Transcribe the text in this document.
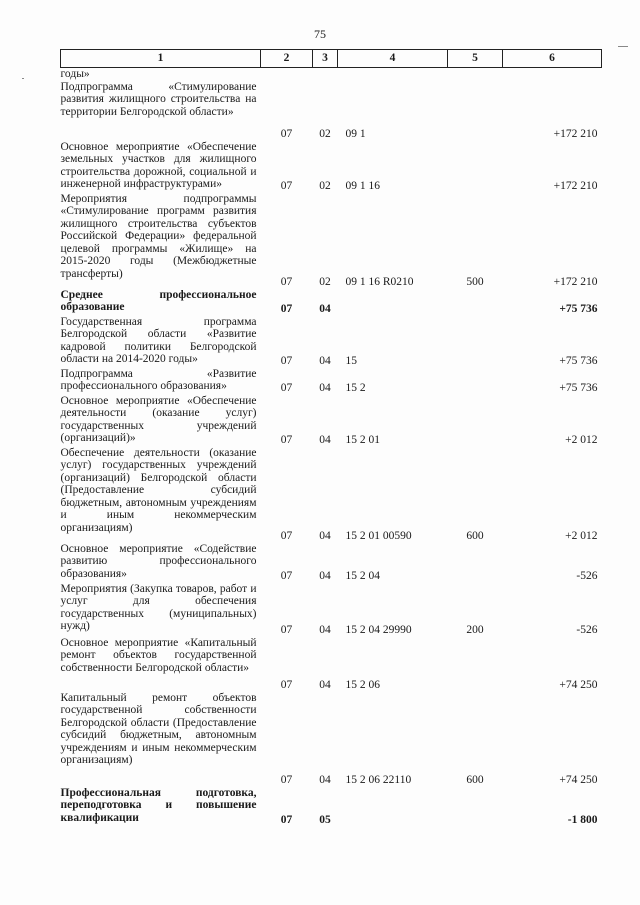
75
1	2	3	4	5	6
годы»					
Подпрограмма «Стимулирование развития жилищного строительства на территории Белгородской области»	07	02	09 1		+172 210
Основное мероприятие «Обеспечение земельных участков для жилищного строительства дорожной, социальной и инженерной инфраструктурами»	07	02	09 1 16		+172 210
Мероприятия подпрограммы «Стимулирование программ развития жилищного строительства субъектов Российской Федерации» федеральной целевой программы «Жилище» на 2015-2020 годы (Межбюджетные трансферты)	07	02	09 1 16 R0210	500	+172 210
Среднее профессиональное образование	07	04			+75 736
Государственная программа Белгородской области «Развитие кадровой политики Белгородской области на 2014-2020 годы»	07	04	15		+75 736
Подпрограмма «Развитие профессионального образования»	07	04	15 2		+75 736
Основное мероприятие «Обеспечение деятельности (оказание услуг) государственных учреждений (организаций)»	07	04	15 2 01		+2 012
Обеспечение деятельности (оказание услуг) государственных учреждений (организаций) Белгородской области (Предоставление субсидий бюджетным, автономным учреждениям и иным некоммерческим организациям)	07	04	15 2 01 00590	600	+2 012
Основное мероприятие «Содействие развитию профессионального образования»	07	04	15 2 04		-526
Мероприятия (Закупка товаров, работ и услуг для обеспечения государственных (муниципальных) нужд)	07	04	15 2 04 29990	200	-526
Основное мероприятие «Капитальный ремонт объектов государственной собственности Белгородской области»	07	04	15 2 06		+74 250
Капитальный ремонт объектов государственной собственности Белгородской области (Предоставление субсидий бюджетным, автономным учреждениям и иным некоммерческим организациям)	07	04	15 2 06 22110	600	+74 250
Профессиональная подготовка, переподготовка и повышение квалификации	07	05			-1 800
